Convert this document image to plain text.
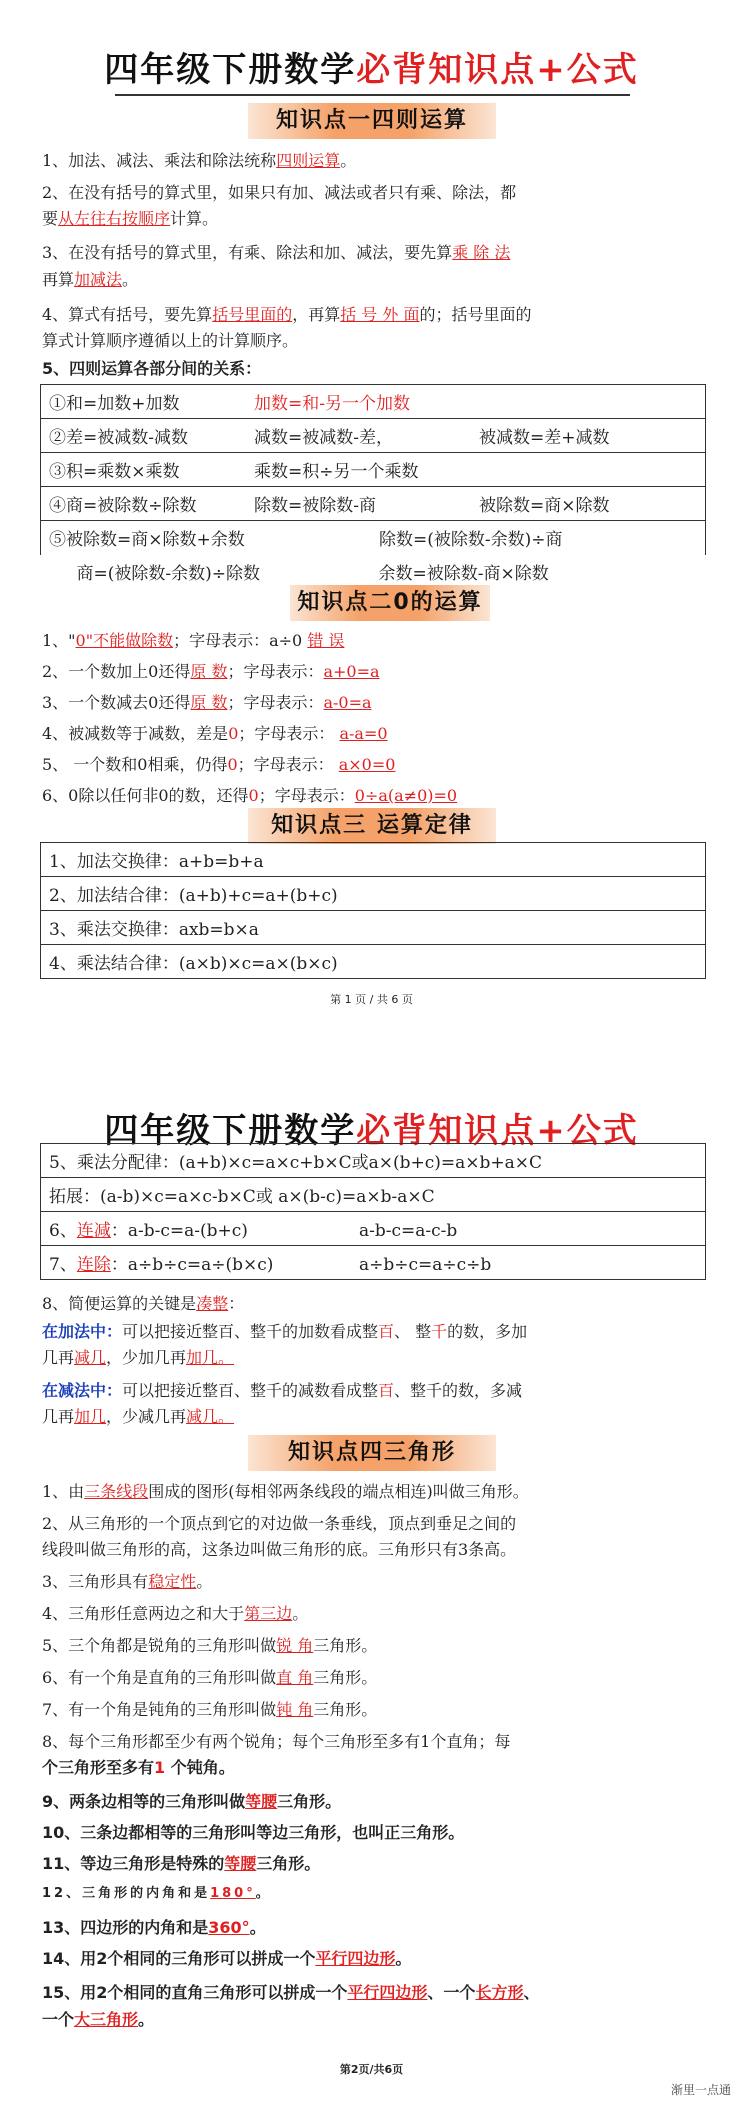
四年级下册数学必背知识点+公式
知识点一四则运算
1、加法、减法、乘法和除法统称四则运算。
2、在没有括号的算式里，如果只有加、减法或者只有乘、除法，都
要从左往右按顺序计算。
3、在没有括号的算式里，有乘、除法和加、减法，要先算乘 除 法
再算加减法。
4、算式有括号，要先算括号里面的，再算括 号 外 面的；括号里面的
算式计算顺序遵循以上的计算顺序。
5、四则运算各部分间的关系：
①和=加数+加数	加数=和-另一个加数
②差=被减数-减数	减数=被减数-差，	被减数=差+减数
③积=乘数×乘数	乘数=积÷另一个乘数
④商=被除数÷除数	除数=被除数-商	被除数=商×除数
⑤被除数=商×除数+余数	除数=(被除数-余数)÷商
商=(被除数-余数)÷除数	余数=被除数-商×除数
知识点二0的运算
1、"0"不能做除数；字母表示：a÷0 错 误
2、一个数加上0还得原 数；字母表示：a+0=a
3、一个数减去0还得原 数；字母表示：a-0=a
4、被减数等于减数，差是0；字母表示： a-a=0
5、 一个数和0相乘，仍得0；字母表示： a×0=0
6、0除以任何非0的数，还得0；字母表示：0÷a(a≠0)=0
知识点三 运算定律
1、加法交换律：a+b=b+a
2、加法结合律：(a+b)+c=a+(b+c)
3、乘法交换律：axb=b×a
4、乘法结合律：(a×b)×c=a×(b×c)
第 1 页 / 共 6 页
四年级下册数学必背知识点+公式
5、乘法分配律：(a+b)×c=a×c+b×C或a×(b+c)=a×b+a×C
拓展：(a-b)×c=a×c-b×C或 a×(b-c)=a×b-a×C
6、连减：a-b-c=a-(b+c)	a-b-c=a-c-b
7、连除：a÷b÷c=a÷(b×c)	a÷b÷c=a÷c÷b
8、简便运算的关键是凑整：
在加法中：可以把接近整百、整千的加数看成整百、 整千的数，多加
几再减几，少加几再加几。
在减法中：可以把接近整百、整千的减数看成整百、整千的数，多减
几再加几，少减几再减几。
知识点四三角形
1、由三条线段围成的图形(每相邻两条线段的端点相连)叫做三角形。
2、从三角形的一个顶点到它的对边做一条垂线，顶点到垂足之间的
线段叫做三角形的高，这条边叫做三角形的底。三角形只有3条高。
3、三角形具有稳定性。
4、三角形任意两边之和大于第三边。
5、三个角都是锐角的三角形叫做锐 角三角形。
6、有一个角是直角的三角形叫做直 角三角形。
7、有一个角是钝角的三角形叫做钝 角三角形。
8、每个三角形都至少有两个锐角；每个三角形至多有1个直角；每
个三角形至多有1 个钝角。
9、两条边相等的三角形叫做等腰三角形。
10、三条边都相等的三角形叫等边三角形，也叫正三角形。
11、等边三角形是特殊的等腰三角形。
12、三角形的内角和是180°。
13、四边形的内角和是360°。
14、用2个相同的三角形可以拼成一个平行四边形。
15、用2个相同的直角三角形可以拼成一个平行四边形、一个长方形、
一个大三角形。
第2页/共6页
渐里一点通
